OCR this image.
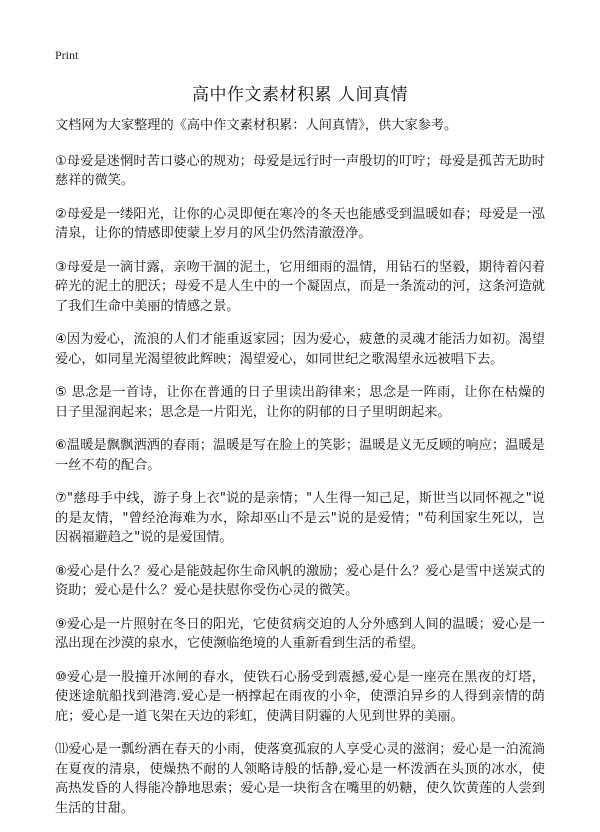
Print
高中作文素材积累 人间真情

文档网为大家整理的《高中作文素材积累：人间真情》，供大家参考。

①母爱是迷惘时苦口婆心的规劝；母爱是远行时一声殷切的叮咛；母爱是孤苦无助时慈祥的微笑。

②母爱是一缕阳光，让你的心灵即便在寒冷的冬天也能感受到温暖如春；母爱是一泓清泉，让你的情感即使蒙上岁月的风尘仍然清澈澄净。

③母爱是一滴甘露，亲吻干涸的泥土，它用细雨的温情，用钻石的坚毅，期待着闪着碎光的泥土的肥沃；母爱不是人生中的一个凝固点，而是一条流动的河，这条河造就了我们生命中美丽的情感之景。

④因为爱心，流浪的人们才能重返家园；因为爱心，疲惫的灵魂才能活力如初。渴望爱心，如同星光渴望彼此辉映；渴望爱心，如同世纪之歌渴望永远被唱下去。

⑤ 思念是一首诗，让你在普通的日子里读出韵律来；思念是一阵雨，让你在枯燥的日子里湿润起来；思念是一片阳光，让你的阴郁的日子里明朗起来。

⑥温暖是飘飘洒洒的春雨；温暖是写在脸上的笑影；温暖是义无反顾的响应；温暖是一丝不苟的配合。

⑦"慈母手中线，游子身上衣"说的是亲情；"人生得一知己足，斯世当以同怀视之"说的是友情，"曾经沧海难为水，除却巫山不是云"说的是爱情；"苟利国家生死以，岂因祸福避趋之"说的是爱国情。

⑧爱心是什么？爱心是能鼓起你生命风帆的激励；爱心是什么？爱心是雪中送炭式的资助；爱心是什么？爱心是扶慰你受伤心灵的微笑。

⑨爱心是一片照射在冬日的阳光，它使贫病交迫的人分外感到人间的温暖；爱心是一泓出现在沙漠的泉水，它使濒临绝境的人重新看到生活的希望。

⑩爱心是一股撞开冰闸的春水，使铁石心肠受到震撼,爱心是一座亮在黑夜的灯塔，使迷途航船找到港湾.爱心是一柄撑起在雨夜的小伞，使漂泊异乡的人得到亲情的荫庇；爱心是一道飞架在天边的彩虹，使满目阴霾的人见到世界的美丽。

⑾爱心是一瓢纷洒在春天的小雨，使落寞孤寂的人享受心灵的滋润；爱心是一泊流淌在夏夜的清泉，使燥热不耐的人领略诗般的恬静,爱心是一杯泼洒在头顶的冰水，使高热发昏的人得能冷静地思索；爱心是一块衔含在嘴里的奶糖，使久饮黄莲的人尝到生活的甘甜。
